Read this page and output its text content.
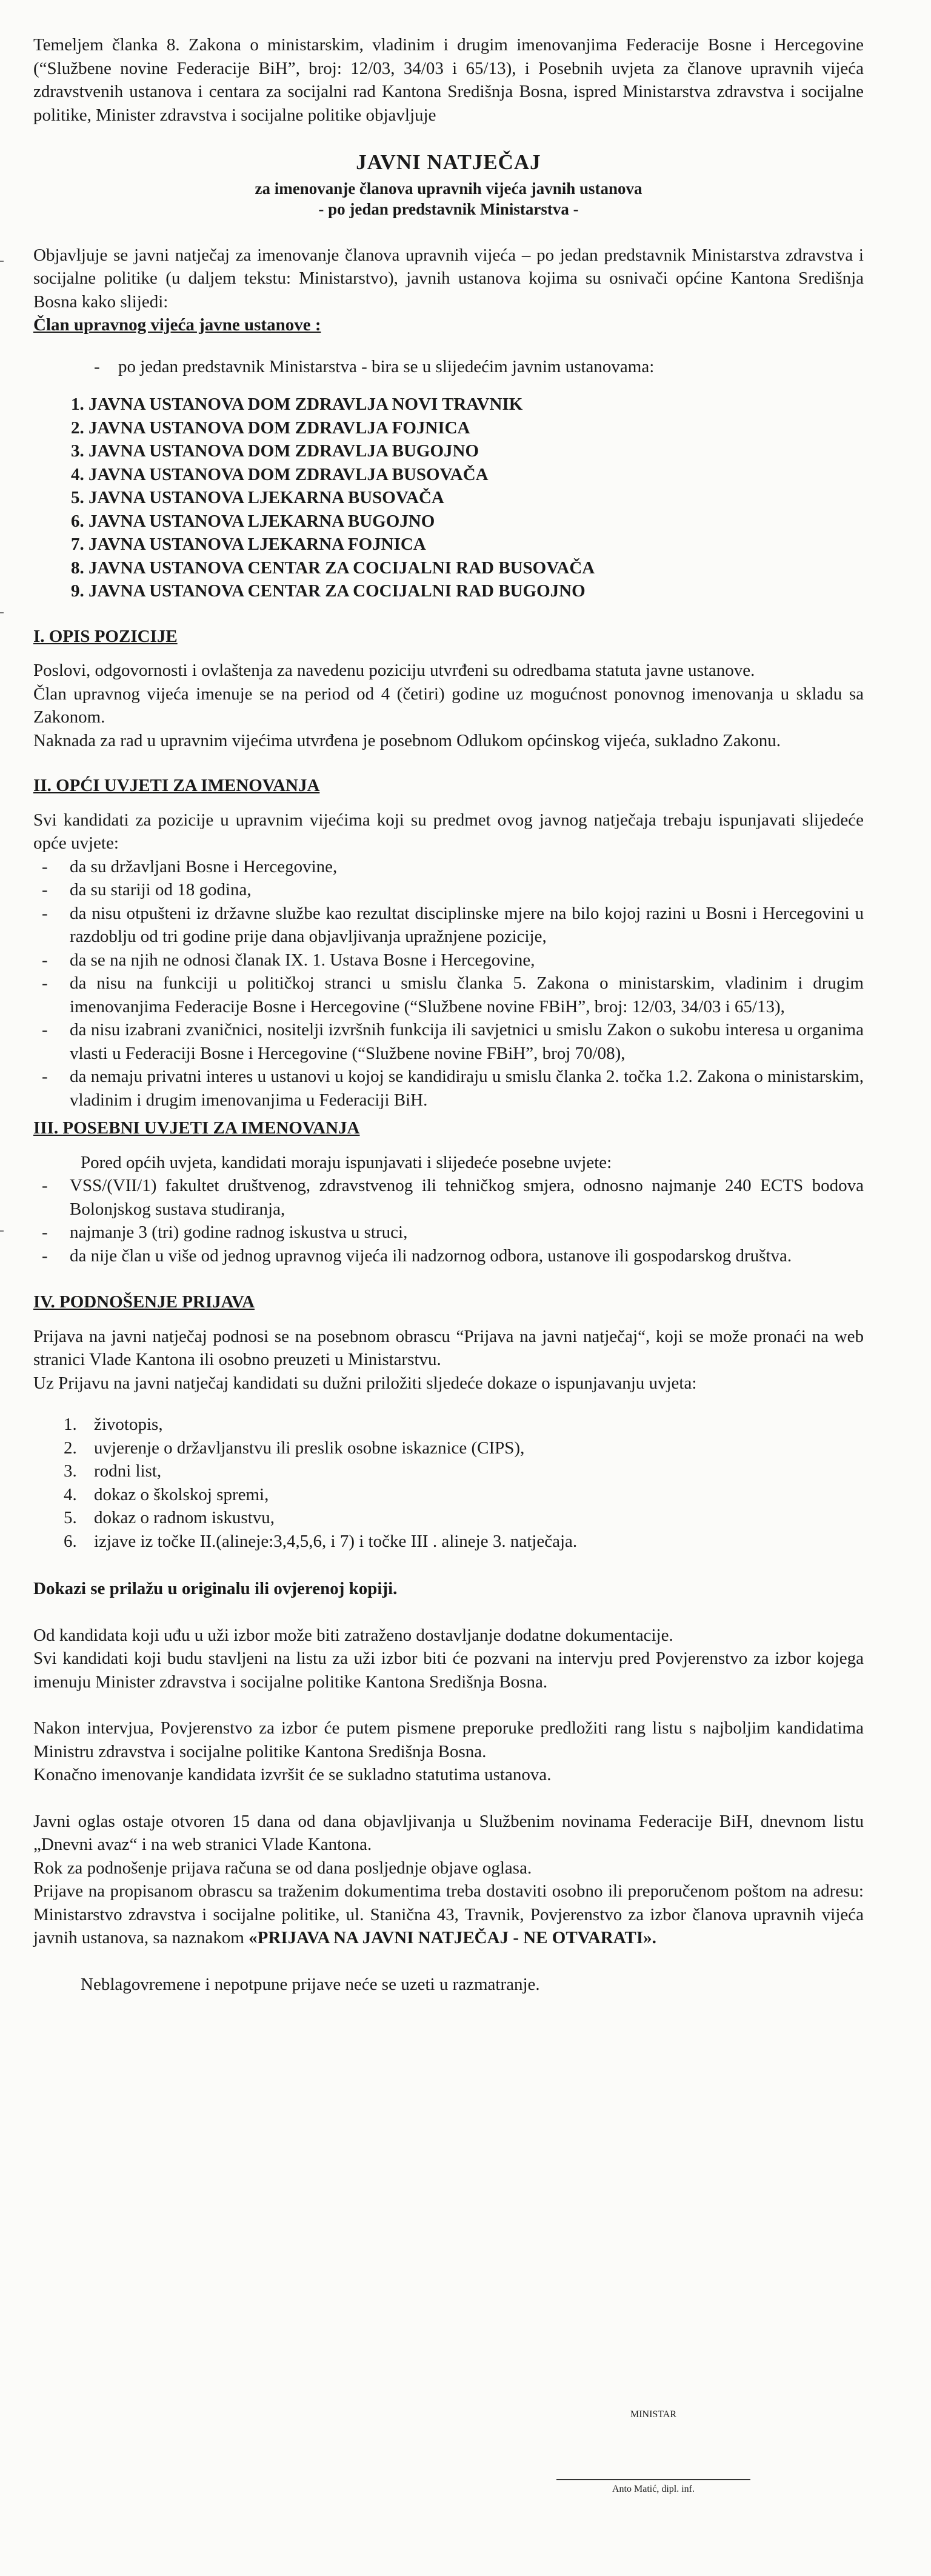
Temeljem članka 8. Zakona o ministarskim, vladinim i drugim imenovanjima Federacije Bosne i Hercegovine (“Službene novine Federacije BiH”, broj: 12/03, 34/03 i 65/13), i Posebnih uvjeta za članove upravnih vijeća zdravstvenih ustanova i centara za socijalni rad Kantona Središnja Bosna, ispred Ministarstva zdravstva i socijalne politike, Minister zdravstva i socijalne politike objavljuje

JAVNI NATJEČAJ

za imenovanje članova upravnih vijeća javnih ustanova

- po jedan predstavnik Ministarstva -

Objavljuje se javni natječaj za imenovanje članova upravnih vijeća – po jedan predstavnik Ministarstva zdravstva i socijalne politike (u daljem tekstu: Ministarstvo), javnih ustanova kojima su osnivači općine Kantona Središnja Bosna kako slijedi:

Član upravnog vijeća javne ustanove :

- po jedan predstavnik Ministarstva - bira se u slijedećim javnim ustanovama:

1. JAVNA USTANOVA DOM ZDRAVLJA NOVI TRAVNIK
2. JAVNA USTANOVA DOM ZDRAVLJA FOJNICA
3. JAVNA USTANOVA DOM ZDRAVLJA BUGOJNO
4. JAVNA USTANOVA DOM ZDRAVLJA BUSOVAČA
5. JAVNA USTANOVA LJEKARNA BUSOVAČA
6. JAVNA USTANOVA LJEKARNA BUGOJNO
7. JAVNA USTANOVA LJEKARNA FOJNICA
8. JAVNA USTANOVA CENTAR ZA COCIJALNI RAD BUSOVAČA
9. JAVNA USTANOVA CENTAR ZA COCIJALNI RAD BUGOJNO

I. OPIS POZICIJE

Poslovi, odgovornosti i ovlaštenja za navedenu poziciju utvrđeni su odredbama statuta javne ustanove.

Član upravnog vijeća imenuje se na period od 4 (četiri) godine uz mogućnost ponovnog imenovanja u skladu sa Zakonom.

Naknada za rad u upravnim vijećima utvrđena je posebnom Odlukom općinskog vijeća, sukladno Zakonu.

II. OPĆI UVJETI ZA IMENOVANJA

Svi kandidati za pozicije u upravnim vijećima koji su predmet ovog javnog natječaja trebaju ispunjavati slijedeće opće uvjete:

- da su državljani Bosne i Hercegovine,
- da su stariji od 18 godina,
- da nisu otpušteni iz državne službe kao rezultat disciplinske mjere na bilo kojoj razini u Bosni i Hercegovini u razdoblju od tri godine prije dana objavljivanja upražnjene pozicije,
- da se na njih ne odnosi članak IX. 1. Ustava Bosne i Hercegovine,
- da nisu na funkciji u političkoj stranci u smislu članka 5. Zakona o ministarskim, vladinim i drugim imenovanjima Federacije Bosne i Hercegovine (“Službene novine FBiH”, broj: 12/03, 34/03 i 65/13),
- da nisu izabrani zvaničnici, nositelji izvršnih funkcija ili savjetnici u smislu Zakon o sukobu interesa u organima vlasti u Federaciji Bosne i Hercegovine (“Službene novine FBiH”, broj 70/08),
- da nemaju privatni interes u ustanovi u kojoj se kandidiraju u smislu članka 2. točka 1.2. Zakona o ministarskim, vladinim i drugim imenovanjima u Federaciji BiH.

III. POSEBNI UVJETI ZA IMENOVANJA

Pored općih uvjeta, kandidati moraju ispunjavati i slijedeće posebne uvjete:

- VSS/(VII/1) fakultet društvenog, zdravstvenog ili tehničkog smjera, odnosno najmanje 240 ECTS bodova Bolonjskog sustava studiranja,
- najmanje 3 (tri) godine radnog iskustva u struci,
- da nije član u više od jednog upravnog vijeća ili nadzornog odbora, ustanove ili gospodarskog društva.

IV. PODNOŠENJE PRIJAVA

Prijava na javni natječaj podnosi se na posebnom obrascu “Prijava na javni natječaj“, koji se može pronaći na web stranici Vlade Kantona ili osobno preuzeti u Ministarstvu.

Uz Prijavu na javni natječaj kandidati su dužni priložiti sljedeće dokaze o ispunjavanju uvjeta:

1. životopis,
2. uvjerenje o državljanstvu ili preslik osobne iskaznice (CIPS),
3. rodni list,
4. dokaz o školskoj spremi,
5. dokaz o radnom iskustvu,
6. izjave iz točke II.(alineje:3,4,5,6, i 7) i točke III . alineje 3. natječaja.

Dokazi se prilažu u originalu ili ovjerenoj kopiji.

Od kandidata koji uđu u uži izbor može biti zatraženo dostavljanje dodatne dokumentacije.

Svi kandidati koji budu stavljeni na listu za uži izbor biti će pozvani na intervju pred Povjerenstvo za izbor kojega imenuju Minister zdravstva i socijalne politike Kantona Središnja Bosna.

Nakon intervjua, Povjerenstvo za izbor će putem pismene preporuke predložiti rang listu s najboljim kandidatima Ministru zdravstva i socijalne politike Kantona Središnja Bosna.

Konačno imenovanje kandidata izvršit će se sukladno statutima ustanova.

Javni oglas ostaje otvoren 15 dana od dana objavljivanja u Službenim novinama Federacije BiH, dnevnom listu „Dnevni avaz“ i na web stranici Vlade Kantona.

Rok za podnošenje prijava računa se od dana posljednje objave oglasa.

Prijave na propisanom obrascu sa traženim dokumentima treba dostaviti osobno ili preporučenom poštom na adresu: Ministarstvo zdravstva i socijalne politike, ul. Stanična 43, Travnik, Povjerenstvo za izbor članova upravnih vijeća javnih ustanova, sa naznakom «PRIJAVA NA JAVNI NATJEČAJ - NE OTVARATI».

Neblagovremene i nepotpune prijave neće se uzeti u razmatranje.

MINISTAR

Anto Matić, dipl. inf.
